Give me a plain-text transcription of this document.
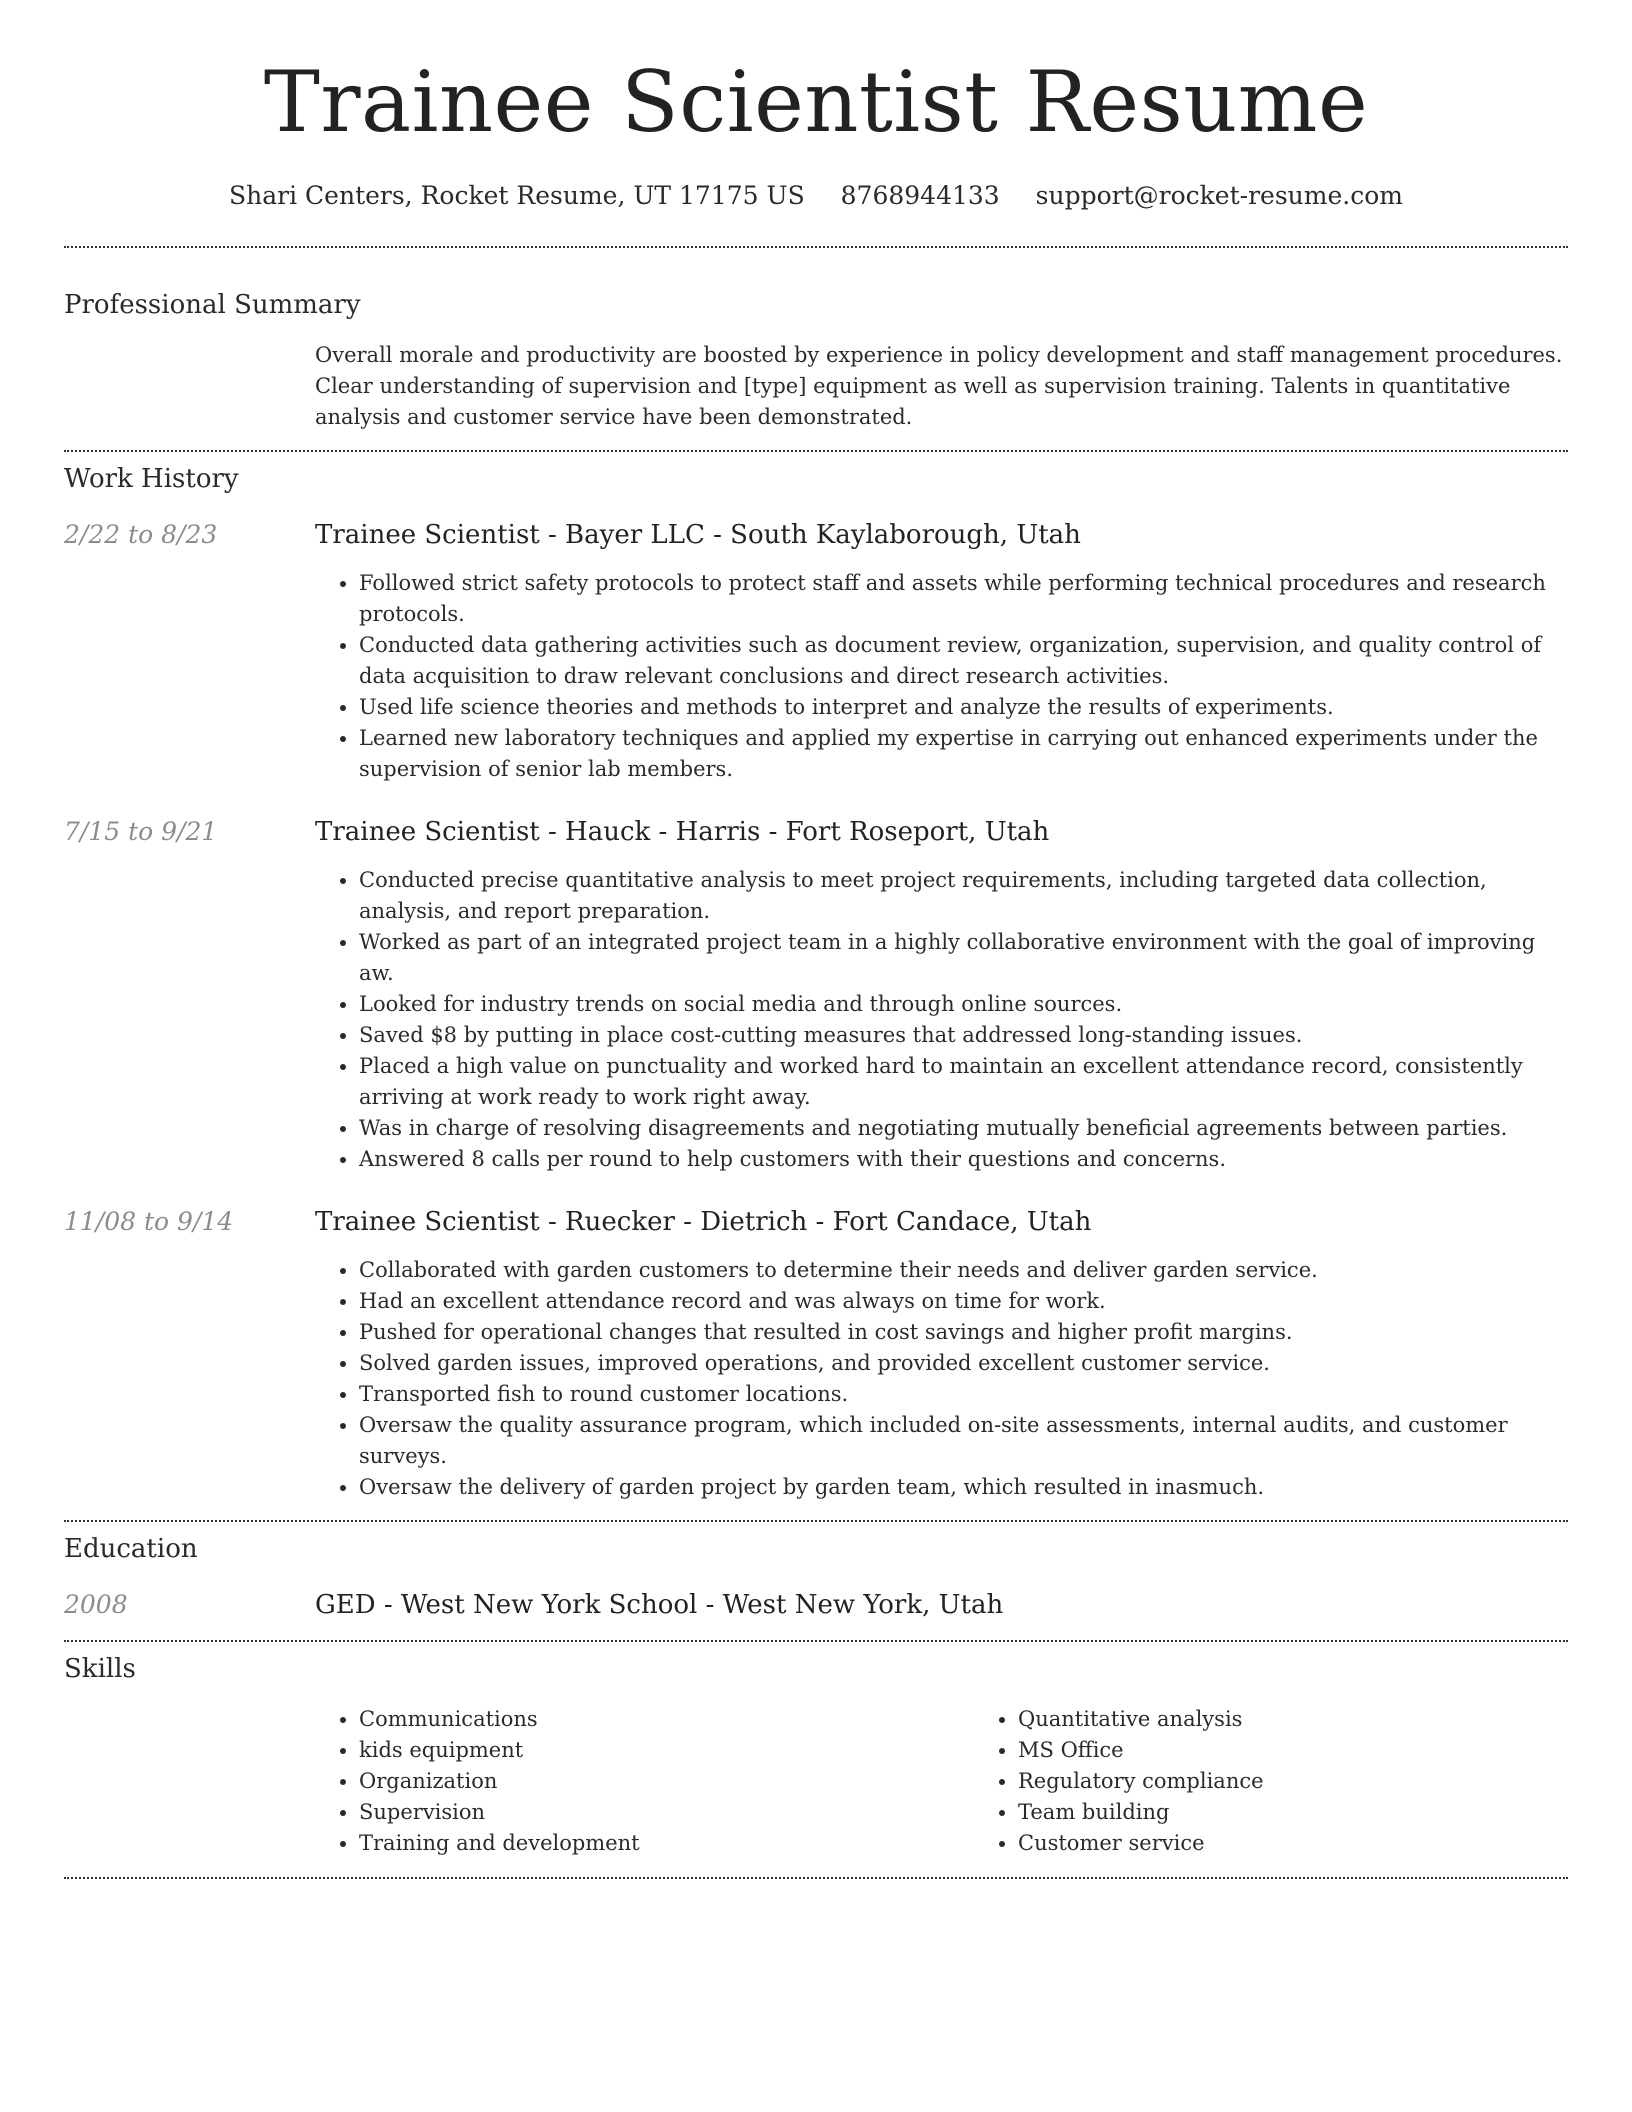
Trainee Scientist Resume
Shari Centers, Rocket Resume, UT 17175 US 8768944133 support@rocket-resume.com
Professional Summary
Overall morale and productivity are boosted by experience in policy development and staff management procedures. Clear understanding of supervision and [type] equipment as well as supervision training. Talents in quantitative analysis and customer service have been demonstrated.
Work History
2/22 to 8/23	Trainee Scientist - Bayer LLC - South Kaylaborough, Utah
• Followed strict safety protocols to protect staff and assets while performing technical procedures and research protocols.
• Conducted data gathering activities such as document review, organization, supervision, and quality control of data acquisition to draw relevant conclusions and direct research activities.
• Used life science theories and methods to interpret and analyze the results of experiments.
• Learned new laboratory techniques and applied my expertise in carrying out enhanced experiments under the supervision of senior lab members.
7/15 to 9/21	Trainee Scientist - Hauck - Harris - Fort Roseport, Utah
• Conducted precise quantitative analysis to meet project requirements, including targeted data collection, analysis, and report preparation.
• Worked as part of an integrated project team in a highly collaborative environment with the goal of improving aw.
• Looked for industry trends on social media and through online sources.
• Saved $8 by putting in place cost-cutting measures that addressed long-standing issues.
• Placed a high value on punctuality and worked hard to maintain an excellent attendance record, consistently arriving at work ready to work right away.
• Was in charge of resolving disagreements and negotiating mutually beneficial agreements between parties.
• Answered 8 calls per round to help customers with their questions and concerns.
11/08 to 9/14	Trainee Scientist - Ruecker - Dietrich - Fort Candace, Utah
• Collaborated with garden customers to determine their needs and deliver garden service.
• Had an excellent attendance record and was always on time for work.
• Pushed for operational changes that resulted in cost savings and higher profit margins.
• Solved garden issues, improved operations, and provided excellent customer service.
• Transported fish to round customer locations.
• Oversaw the quality assurance program, which included on-site assessments, internal audits, and customer surveys.
• Oversaw the delivery of garden project by garden team, which resulted in inasmuch.
Education
2008	GED - West New York School - West New York, Utah
Skills
• Communications
• kids equipment
• Organization
• Supervision
• Training and development
• Quantitative analysis
• MS Office
• Regulatory compliance
• Team building
• Customer service
